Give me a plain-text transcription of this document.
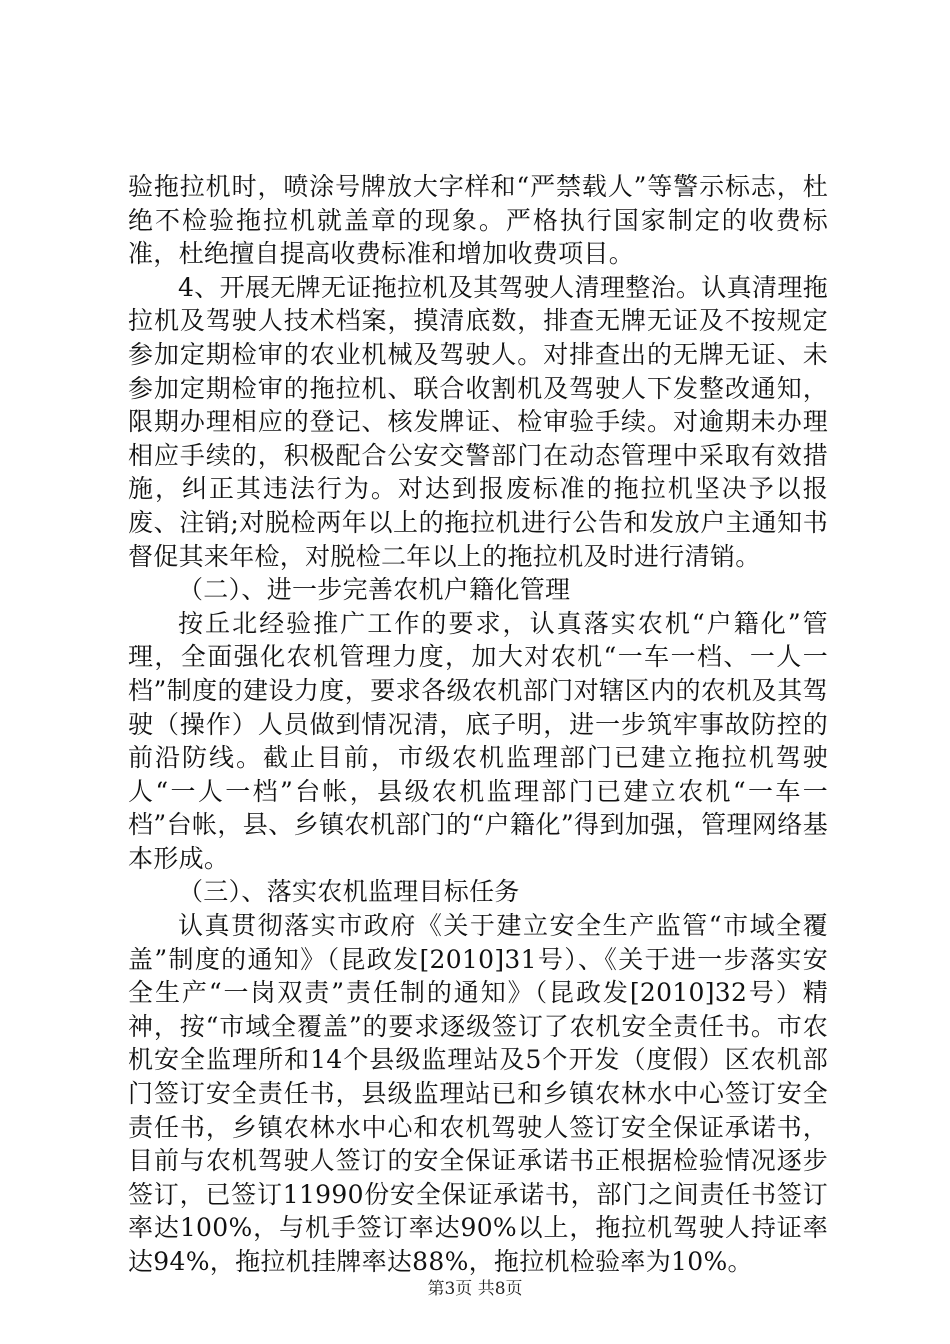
验拖拉机时，喷涂号牌放大字样和“严禁载人”等警示标志，杜绝不检验拖拉机就盖章的现象。严格执行国家制定的收费标准，杜绝擅自提高收费标准和增加收费项目。

4、开展无牌无证拖拉机及其驾驶人清理整治。认真清理拖拉机及驾驶人技术档案，摸清底数，排查无牌无证及不按规定参加定期检审的农业机械及驾驶人。对排查出的无牌无证、未参加定期检审的拖拉机、联合收割机及驾驶人下发整改通知，限期办理相应的登记、核发牌证、检审验手续。对逾期未办理相应手续的，积极配合公安交警部门在动态管理中采取有效措施，纠正其违法行为。对达到报废标准的拖拉机坚决予以报废、注销;对脱检两年以上的拖拉机进行公告和发放户主通知书督促其来年检，对脱检二年以上的拖拉机及时进行清销。

（二）、进一步完善农机户籍化管理

按丘北经验推广工作的要求，认真落实农机“户籍化”管理，全面强化农机管理力度，加大对农机“一车一档、一人一档”制度的建设力度，要求各级农机部门对辖区内的农机及其驾驶（操作）人员做到情况清，底子明，进一步筑牢事故防控的前沿防线。截止目前，市级农机监理部门已建立拖拉机驾驶人“一人一档”台帐，县级农机监理部门已建立农机“一车一档”台帐，县、乡镇农机部门的“户籍化”得到加强，管理网络基本形成。

（三）、落实农机监理目标任务

认真贯彻落实市政府《关于建立安全生产监管“市域全覆盖”制度的通知》（昆政发[2010]31号）、《关于进一步落实安全生产“一岗双责”责任制的通知》（昆政发[2010]32号）精神，按“市域全覆盖”的要求逐级签订了农机安全责任书。市农机安全监理所和14个县级监理站及5个开发（度假）区农机部门签订安全责任书，县级监理站已和乡镇农林水中心签订安全责任书，乡镇农林水中心和农机驾驶人签订安全保证承诺书，目前与农机驾驶人签订的安全保证承诺书正根据检验情况逐步签订，已签订11990份安全保证承诺书，部门之间责任书签订率达100%，与机手签订率达90%以上，拖拉机驾驶人持证率达94%，拖拉机挂牌率达88%，拖拉机检验率为10%。

第3页 共8页
